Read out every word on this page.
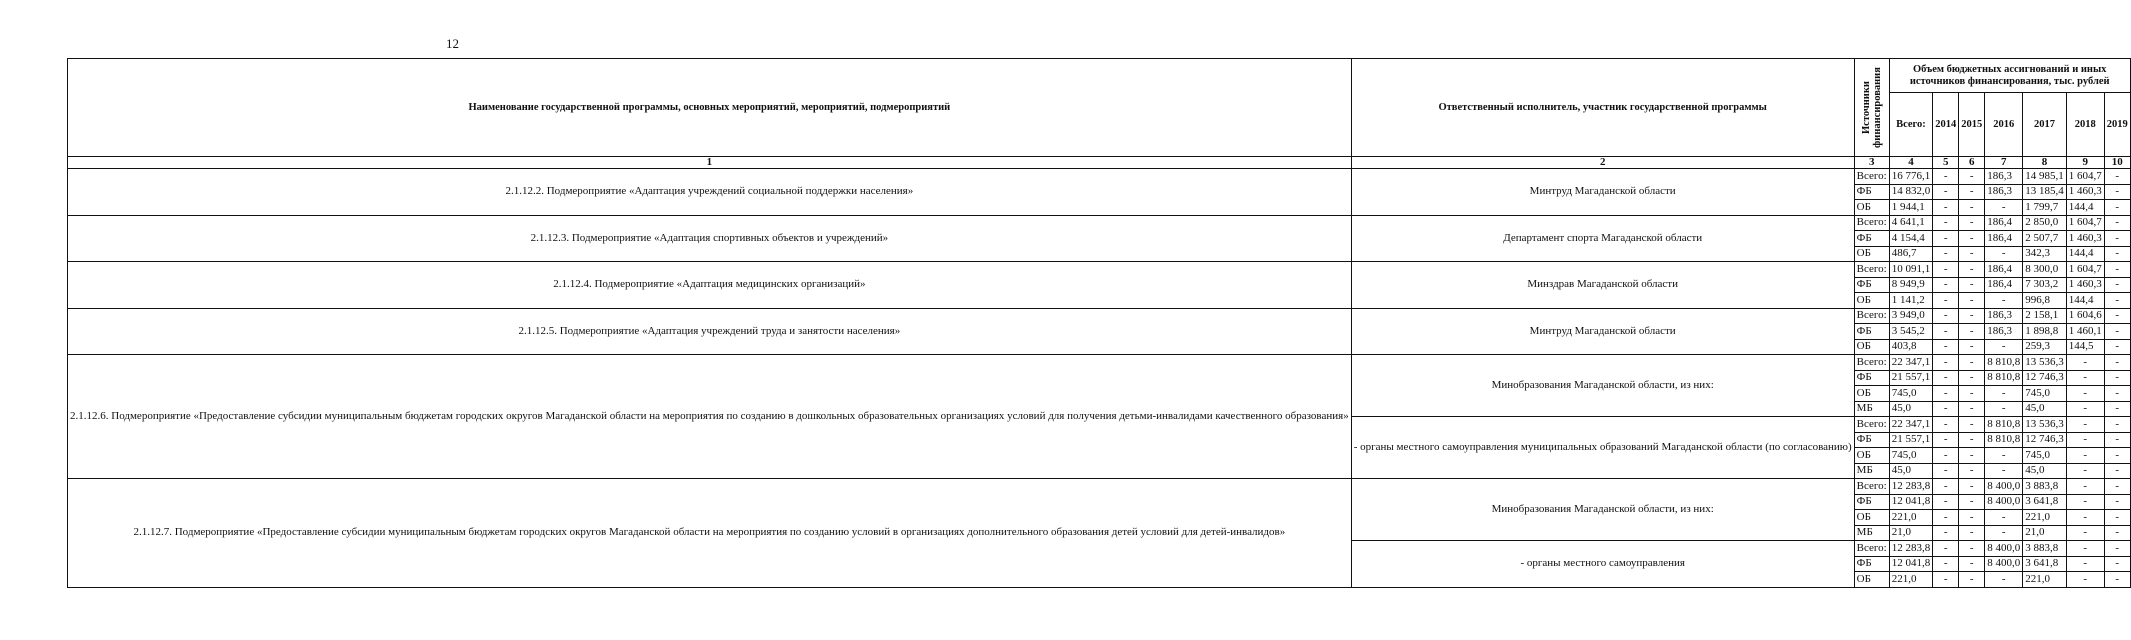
12
Наименование государственной программы, основных мероприятий, мероприятий, подмероприятий	Ответственный исполнитель, участник государственной программы	Источники финансирования	Объем бюджетных ассигнований и иных источников финансирования, тыс. рублей						
			Всего:	2014	2015	2016	2017	2018	2019
1	2	3	4	5	6	7	8	9	10
2.1.12.2. Подмероприятие «Адаптация учреждений социальной поддержки населения»	Минтруд Магаданской области	Всего:	16 776,1	-	-	186,3	14 985,1	1 604,7	-
		ФБ	14 832,0	-	-	186,3	13 185,4	1 460,3	-
		ОБ	1 944,1	-	-	-	1 799,7	144,4	-
2.1.12.3. Подмероприятие «Адаптация спортивных объектов и учреждений»	Департамент спорта Магаданской области	Всего:	4 641,1	-	-	186,4	2 850,0	1 604,7	-
		ФБ	4 154,4	-	-	186,4	2 507,7	1 460,3	-
		ОБ	486,7	-	-	-	342,3	144,4	-
2.1.12.4. Подмероприятие «Адаптация медицинских организаций»	Минздрав Магаданской области	Всего:	10 091,1	-	-	186,4	8 300,0	1 604,7	-
		ФБ	8 949,9	-	-	186,4	7 303,2	1 460,3	-
		ОБ	1 141,2	-	-	-	996,8	144,4	-
2.1.12.5. Подмероприятие «Адаптация учреждений труда и занятости населения»	Минтруд Магаданской области	Всего:	3 949,0	-	-	186,3	2 158,1	1 604,6	-
		ФБ	3 545,2	-	-	186,3	1 898,8	1 460,1	-
		ОБ	403,8	-	-	-	259,3	144,5	-
2.1.12.6. Подмероприятие «Предоставление субсидии муниципальным бюджетам городских округов Магаданской области на мероприятия по созданию в дошкольных образовательных организациях условий для получения детьми-инвалидами качественного образования»	Минобразования Магаданской области, из них:	Всего:	22 347,1	-	-	8 810,8	13 536,3	-	-
		ФБ	21 557,1	-	-	8 810,8	12 746,3	-	-
		ОБ	745,0	-	-	-	745,0	-	-
		МБ	45,0	-	-	-	45,0	-	-
	- органы местного самоуправления муниципальных образований Магаданской области (по согласованию)	Всего:	22 347,1	-	-	8 810,8	13 536,3	-	-
		ФБ	21 557,1	-	-	8 810,8	12 746,3	-	-
		ОБ	745,0	-	-	-	745,0	-	-
		МБ	45,0	-	-	-	45,0	-	-
2.1.12.7. Подмероприятие «Предоставление субсидии муниципальным бюджетам городских округов Магаданской области на мероприятия по созданию условий в организациях дополнительного образования детей условий для детей-инвалидов»	Минобразования Магаданской области, из них:	Всего:	12 283,8	-	-	8 400,0	3 883,8	-	-
		ФБ	12 041,8	-	-	8 400,0	3 641,8	-	-
		ОБ	221,0	-	-	-	221,0	-	-
		МБ	21,0	-	-	-	21,0	-	-
	- органы местного самоуправления	Всего:	12 283,8	-	-	8 400,0	3 883,8	-	-
		ФБ	12 041,8	-	-	8 400,0	3 641,8	-	-
		ОБ	221,0	-	-	-	221,0	-	-
